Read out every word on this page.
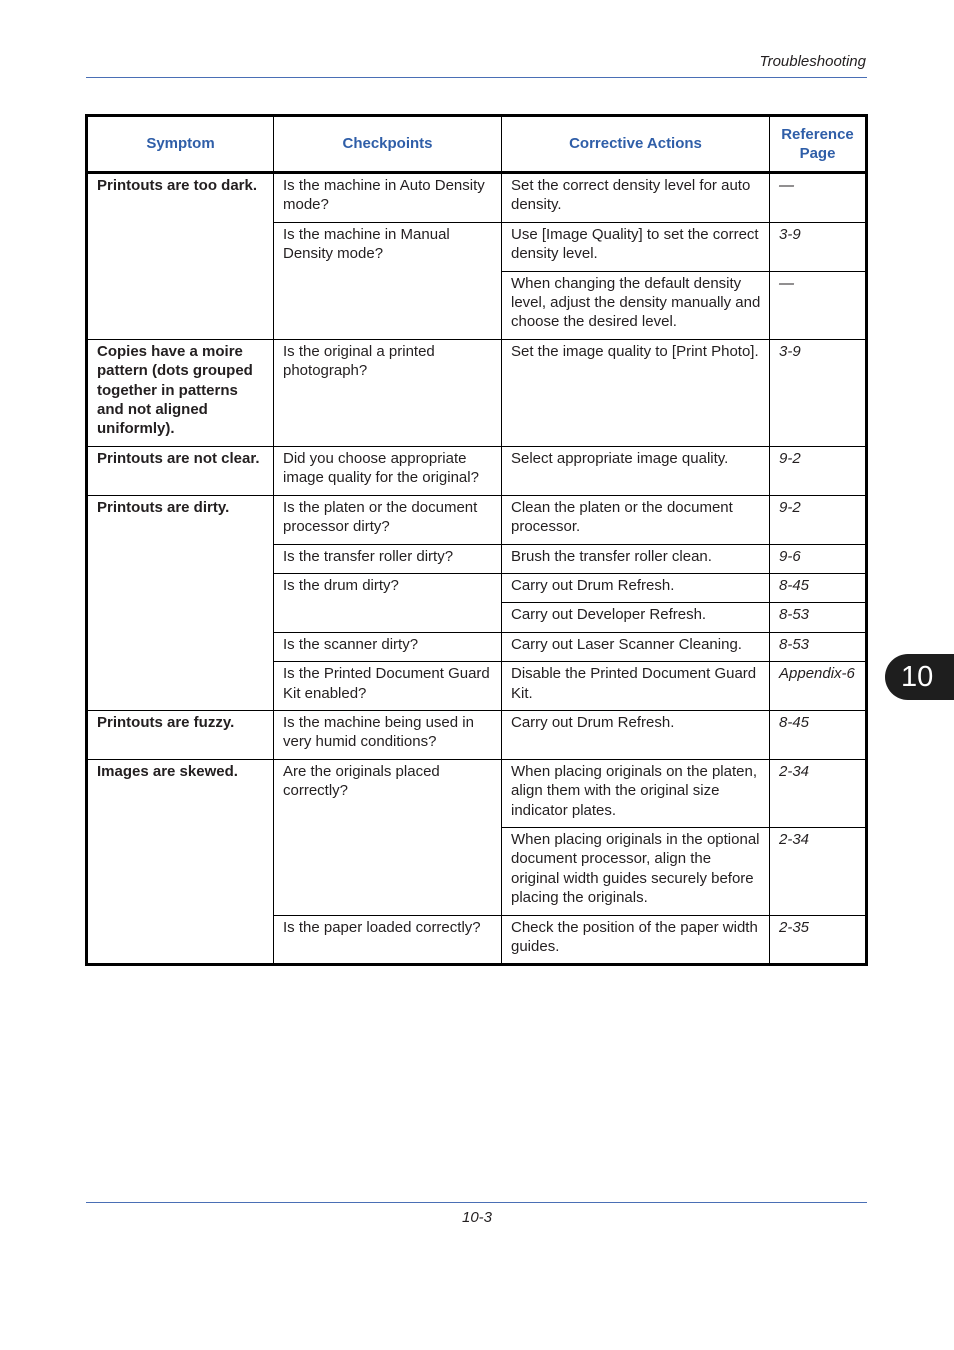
Troubleshooting
10
Symptom	Checkpoints	Corrective Actions	Reference Page
Printouts are too dark.	Is the machine in Auto Density mode?	Set the correct density level for auto density.	—
	Is the machine in Manual Density mode?	Use [Image Quality] to set the correct density level.	3-9
		When changing the default density level, adjust the density manually and choose the desired level.	—
Copies have a moire pattern (dots grouped together in patterns and not aligned uniformly).	Is the original a printed photograph?	Set the image quality to [Print Photo].	3-9
Printouts are not clear.	Did you choose appropriate image quality for the original?	Select appropriate image quality.	9-2
Printouts are dirty.	Is the platen or the document processor dirty?	Clean the platen or the document processor.	9-2
	Is the transfer roller dirty?	Brush the transfer roller clean.	9-6
	Is the drum dirty?	Carry out Drum Refresh.	8-45
		Carry out Developer Refresh.	8-53
	Is the scanner dirty?	Carry out Laser Scanner Cleaning.	8-53
	Is the Printed Document Guard Kit enabled?	Disable the Printed Document Guard Kit.	Appendix-6
Printouts are fuzzy.	Is the machine being used in very humid conditions?	Carry out Drum Refresh.	8-45
Images are skewed.	Are the originals placed correctly?	When placing originals on the platen, align them with the original size indicator plates.	2-34
		When placing originals in the optional document processor, align the original width guides securely before placing the originals.	2-34
	Is the paper loaded correctly?	Check the position of the paper width guides.	2-35
10-3
